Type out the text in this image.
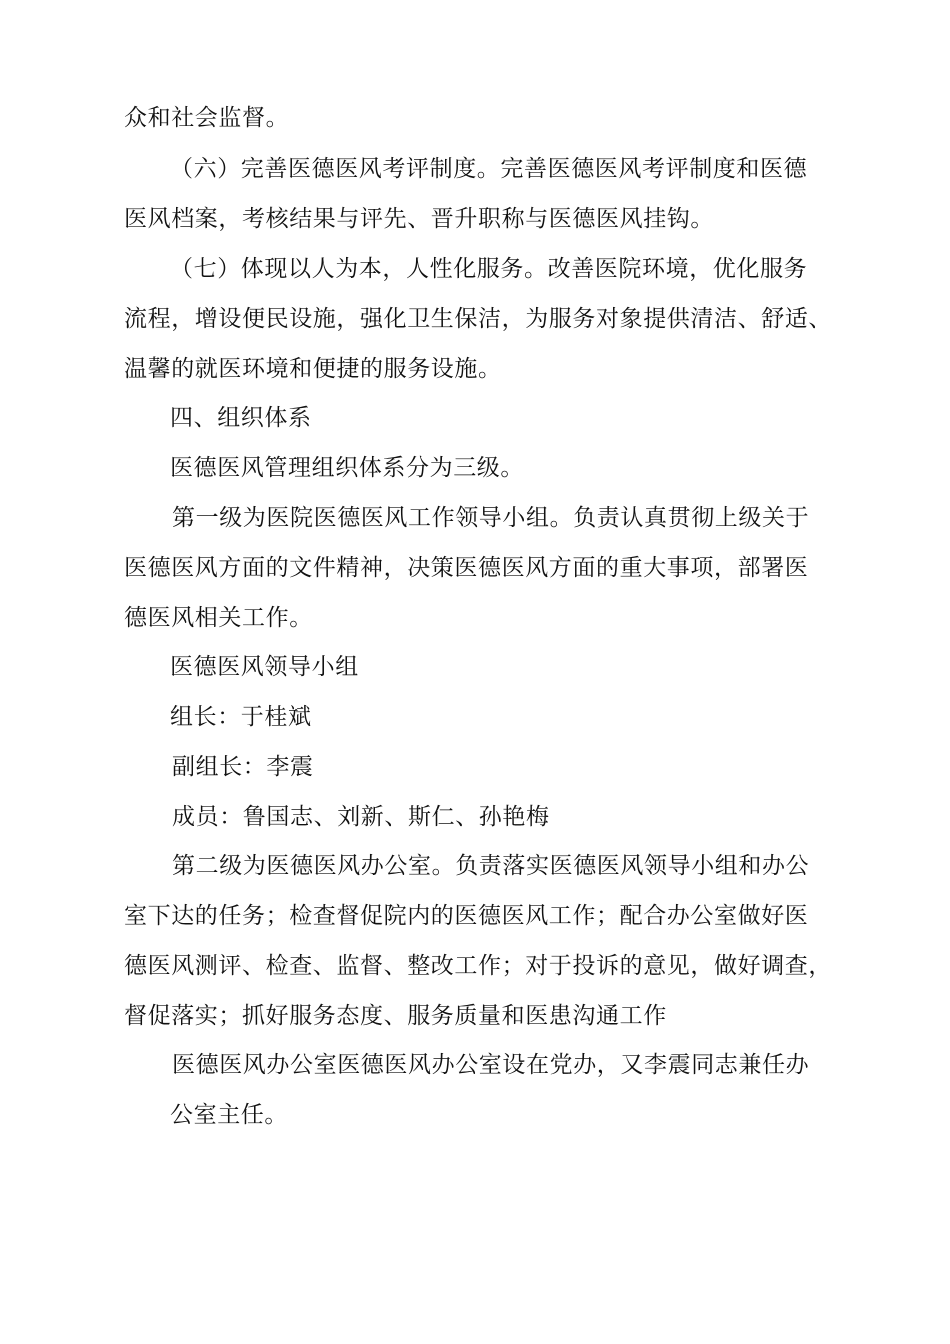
众和社会监督。
（六）完善医德医风考评制度。完善医德医风考评制度和医德
医风档案，考核结果与评先、晋升职称与医德医风挂钩。
（七）体现以人为本，人性化服务。改善医院环境，优化服务
流程，增设便民设施，强化卫生保洁，为服务对象提供清洁、舒适、
温馨的就医环境和便捷的服务设施。
四、组织体系
医德医风管理组织体系分为三级。
第一级为医院医德医风工作领导小组。负责认真贯彻上级关于
医德医风方面的文件精神，决策医德医风方面的重大事项，部署医
德医风相关工作。
医德医风领导小组
组长：于桂斌
副组长：李震
成员：鲁国志、刘新、斯仁、孙艳梅
第二级为医德医风办公室。负责落实医德医风领导小组和办公
室下达的任务；检查督促院内的医德医风工作；配合办公室做好医
德医风测评、检查、监督、整改工作；对于投诉的意见，做好调查，
督促落实；抓好服务态度、服务质量和医患沟通工作
医德医风办公室医德医风办公室设在党办，又李震同志兼任办
公室主任。
